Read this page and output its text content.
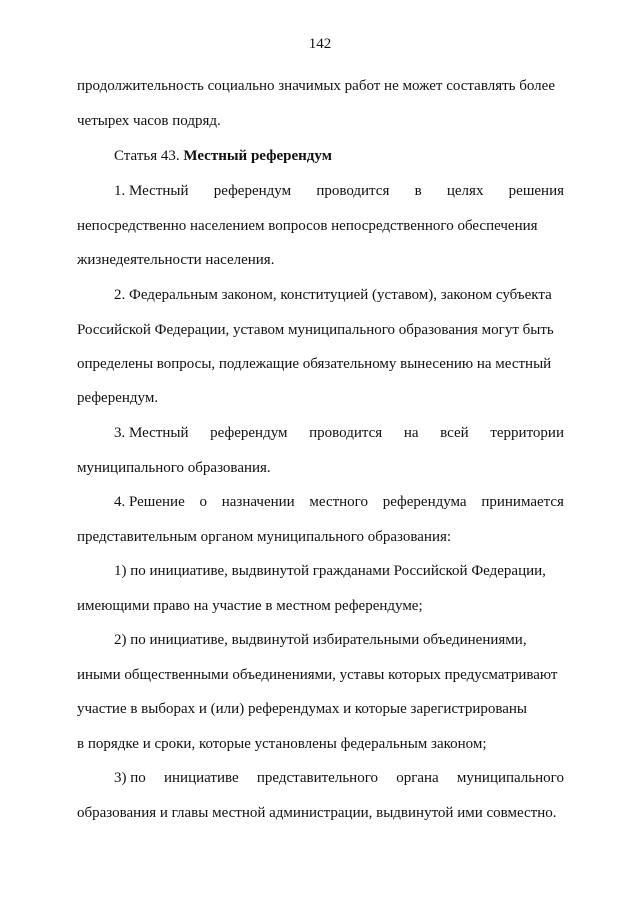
142
продолжительность социально значимых работ не может составлять более
четырех часов подряд.
Статья 43. Местный референдум
1. Местный референдум проводится в целях решения
непосредственно населением вопросов непосредственного обеспечения
жизнедеятельности населения.
2. Федеральным законом, конституцией (уставом), законом субъекта
Российской Федерации, уставом муниципального образования могут быть
определены вопросы, подлежащие обязательному вынесению на местный
референдум.
3. Местный референдум проводится на всей территории
муниципального образования.
4. Решение о назначении местного референдума принимается
представительным органом муниципального образования:
1) по инициативе, выдвинутой гражданами Российской Федерации,
имеющими право на участие в местном референдуме;
2) по инициативе, выдвинутой избирательными объединениями,
иными общественными объединениями, уставы которых предусматривают
участие в выборах и (или) референдумах и которые зарегистрированы
в порядке и сроки, которые установлены федеральным законом;
3) по инициативе представительного органа муниципального
образования и главы местной администрации, выдвинутой ими совместно.
